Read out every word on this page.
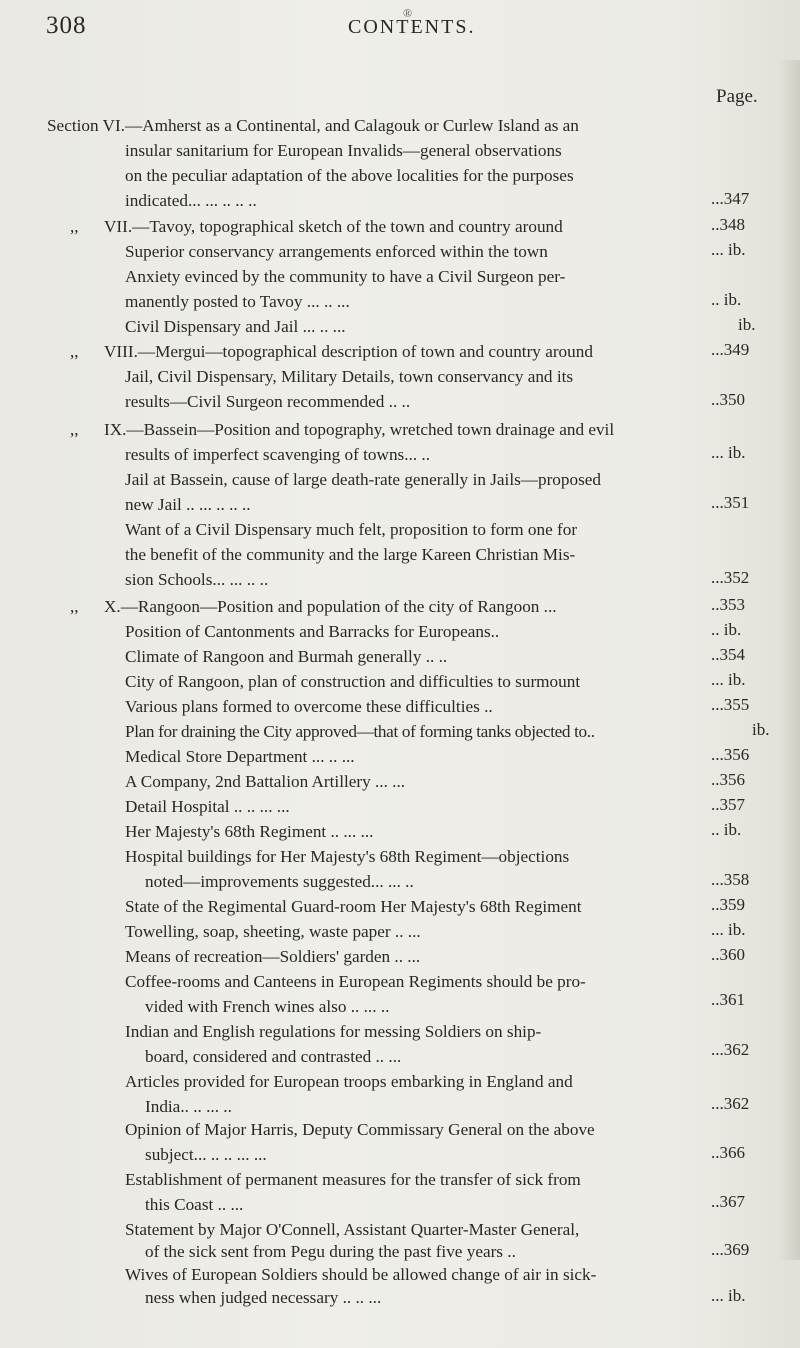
®
308	CONTENTS.
Page.
Section VI.—Amherst as a Continental, and Calagouk or Curlew Island as an
insular sanitarium for European Invalids—general observations
on the peculiar adaptation of the above localities for the purposes
indicated... ... .. .. ..	...347
,, VII.—Tavoy, topographical sketch of the town and country around	..348
Superior conservancy arrangements enforced within the town	... ib.
Anxiety evinced by the community to have a Civil Surgeon per-
manently posted to Tavoy ... .. ...	.. ib.
Civil Dispensary and Jail ... .. ...	ib.
,, VIII.—Mergui—topographical description of town and country around	...349
Jail, Civil Dispensary, Military Details, town conservancy and its
results—Civil Surgeon recommended .. ..	..350
,, IX.—Bassein—Position and topography, wretched town drainage and evil
results of imperfect scavenging of towns... ..	... ib.
Jail at Bassein, cause of large death-rate generally in Jails—proposed
new Jail .. ... .. .. ..	...351
Want of a Civil Dispensary much felt, proposition to form one for
the benefit of the community and the large Kareen Christian Mis-
sion Schools... ... .. ..	...352
,, X.—Rangoon—Position and population of the city of Rangoon ...	..353
Position of Cantonments and Barracks for Europeans..	.. ib.
Climate of Rangoon and Burmah generally .. ..	..354
City of Rangoon, plan of construction and difficulties to surmount	... ib.
Various plans formed to overcome these difficulties ..	...355
Plan for draining the City approved—that of forming tanks objected to..	ib.
Medical Store Department ... .. ...	...356
A Company, 2nd Battalion Artillery ... ...	..356
Detail Hospital .. .. ... ...	..357
Her Majesty's 68th Regiment .. ... ...	.. ib.
Hospital buildings for Her Majesty's 68th Regiment—objections
noted—improvements suggested... ... ..	...358
State of the Regimental Guard-room Her Majesty's 68th Regiment	..359
Towelling, soap, sheeting, waste paper .. ...	... ib.
Means of recreation—Soldiers' garden .. ...	..360
Coffee-rooms and Canteens in European Regiments should be pro-
vided with French wines also .. ... ..	..361
Indian and English regulations for messing Soldiers on ship-
board, considered and contrasted .. ...	...362
Articles provided for European troops embarking in England and
India.. .. ... ..	...362
Opinion of Major Harris, Deputy Commissary General on the above
subject... .. .. ... ...	..366
Establishment of permanent measures for the transfer of sick from
this Coast .. ...	..367
Statement by Major O'Connell, Assistant Quarter-Master General,
of the sick sent from Pegu during the past five years ..	...369
Wives of European Soldiers should be allowed change of air in sick-
ness when judged necessary .. .. ...	... ib.
